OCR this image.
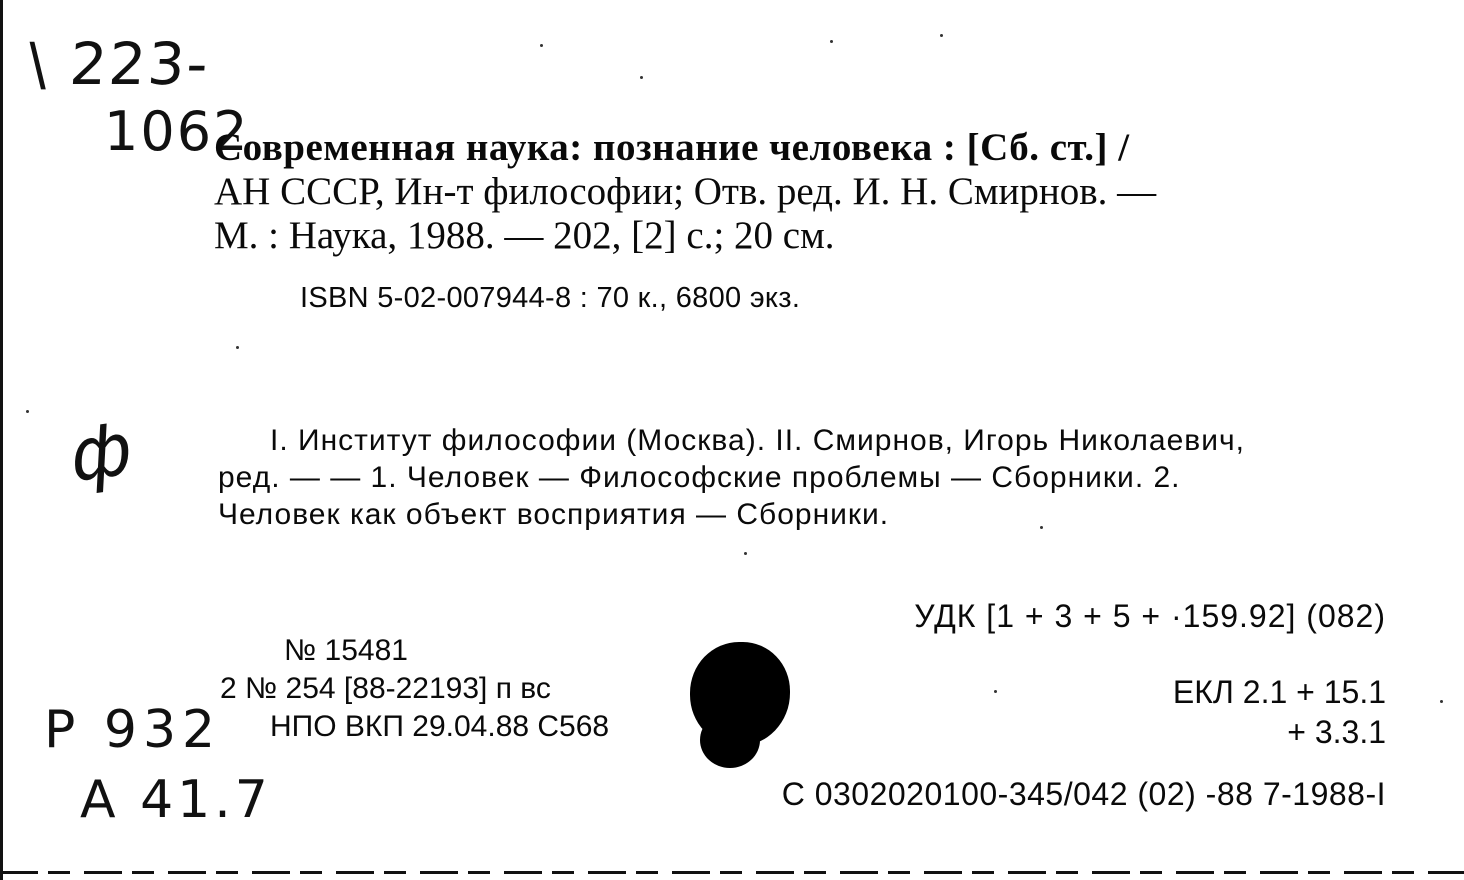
\ 223-
1062
ф
P 932
A 41.7
Современная наука: познание человека : [Сб. ст.] /
АН СССР, Ин-т философии; Отв. ред. И. Н. Смирнов. —
М. : Наука, 1988. — 202, [2] с.; 20 см.
ISBN 5-02-007944-8 : 70 к., 6800 экз.
I. Институт философии (Москва). II. Смирнов, Игорь Николаевич,
ред. — — 1. Человек — Философские проблемы — Сборники. 2.
Человек как объект восприятия — Сборники.
УДК [1 + 3 + 5 + ·159.92] (082)
№ 15481
2 № 254 [88-22193] п вс
НПО ВКП 29.04.88 С568
ЕКЛ 2.1 + 15.1
+ 3.3.1
С 0302020100-345/042 (02) -88 7-1988-I
